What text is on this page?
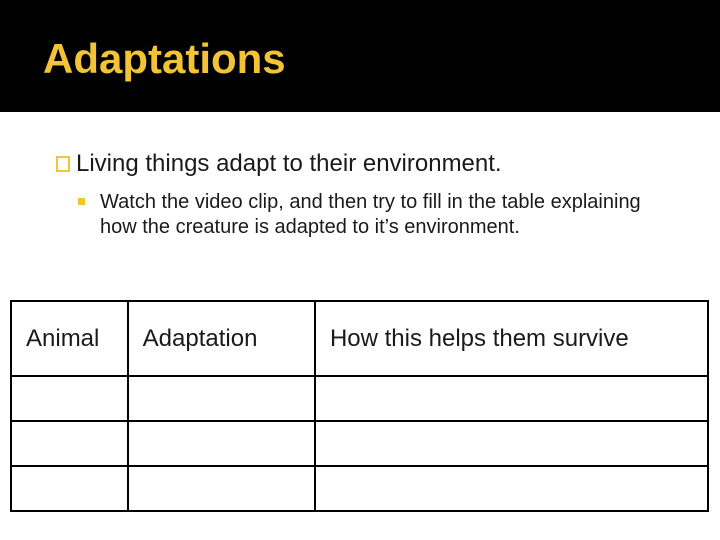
Adaptations
Living things adapt to their environment.
Watch the video clip, and then try to fill in the table explaining how the creature is adapted to it’s environment.
Animal	Adaptation	How this helps them survive
